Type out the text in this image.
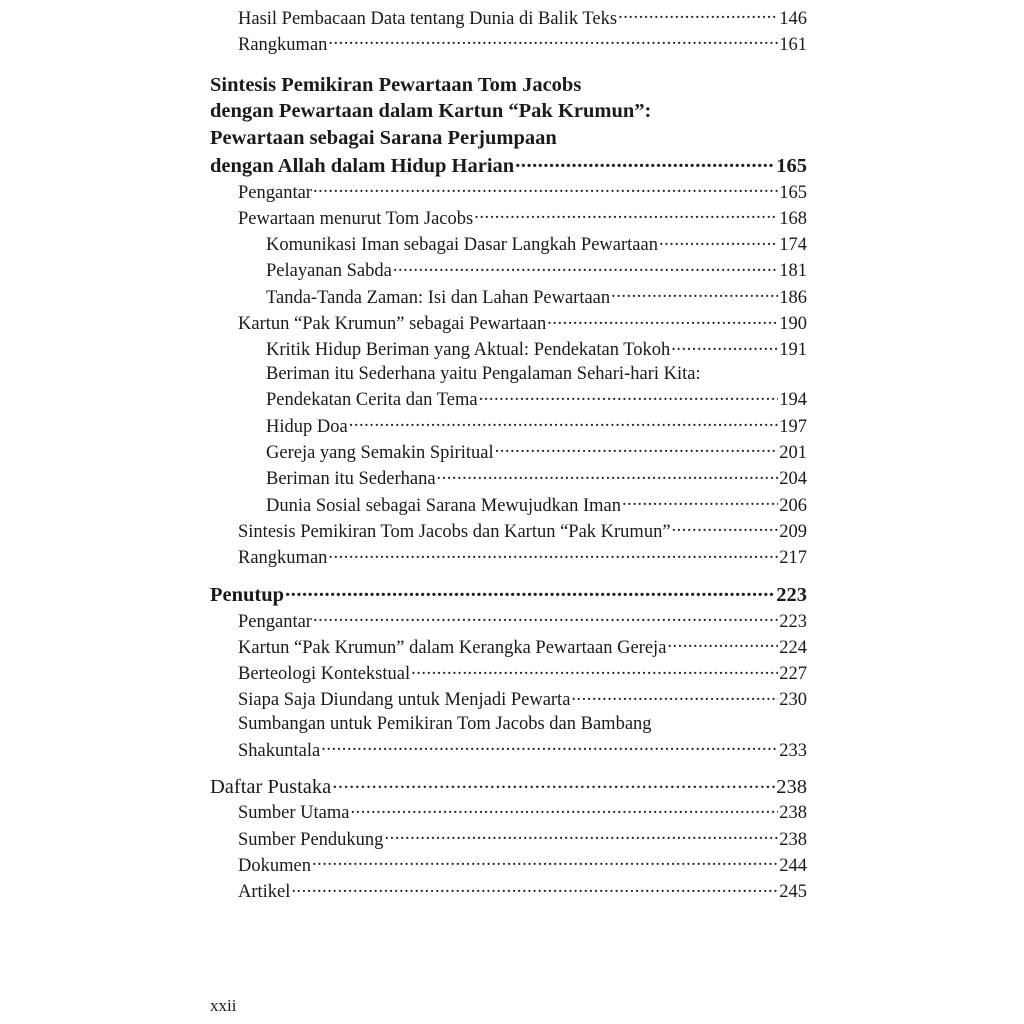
Hasil Pembacaan Data tentang Dunia di Balik Teks .....	146
Rangkuman .....	161
Sintesis Pemikiran Pewartaan Tom Jacobs
dengan Pewartaan dalam Kartun “Pak Krumun”:
Pewartaan sebagai Sarana Perjumpaan
dengan Allah dalam Hidup Harian .....	165
Pengantar .....	165
Pewartaan menurut Tom Jacobs .....	168
Komunikasi Iman sebagai Dasar Langkah Pewartaan .....	174
Pelayanan Sabda .....	181
Tanda-Tanda Zaman: Isi dan Lahan Pewartaan .....	186
Kartun “Pak Krumun” sebagai Pewartaan .....	190
Kritik Hidup Beriman yang Aktual: Pendekatan Tokoh .....	191
Beriman itu Sederhana yaitu Pengalaman Sehari-hari Kita:
Pendekatan Cerita dan Tema .....	194
Hidup Doa .....	197
Gereja yang Semakin Spiritual .....	201
Beriman itu Sederhana .....	204
Dunia Sosial sebagai Sarana Mewujudkan Iman .....	206
Sintesis Pemikiran Tom Jacobs dan Kartun “Pak Krumun” .....	209
Rangkuman .....	217
Penutup .....	223
Pengantar .....	223
Kartun “Pak Krumun” dalam Kerangka Pewartaan Gereja .....	224
Berteologi Kontekstual .....	227
Siapa Saja Diundang untuk Menjadi Pewarta .....	230
Sumbangan untuk Pemikiran Tom Jacobs dan Bambang
Shakuntala .....	233
Daftar Pustaka .....	238
Sumber Utama .....	238
Sumber Pendukung .....	238
Dokumen .....	244
Artikel .....	245
xxii
